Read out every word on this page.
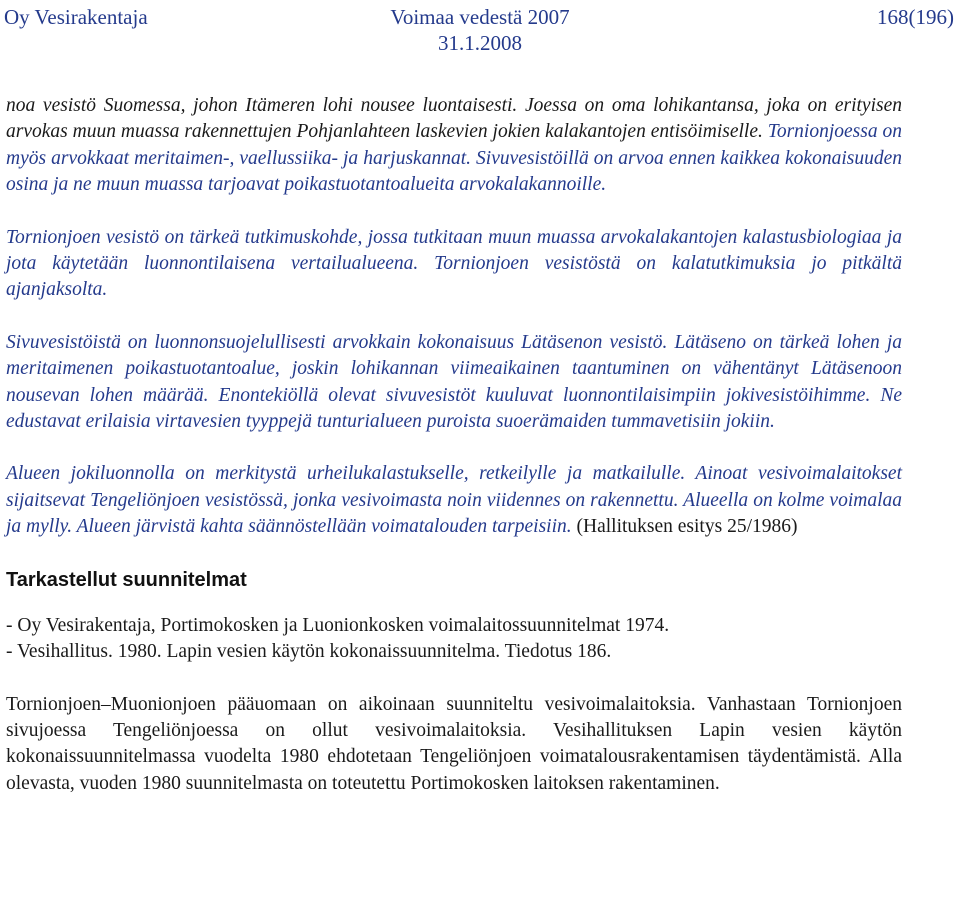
Oy Vesirakentaja	Voimaa vedestä 2007
31.1.2008
168(196)

noa vesistö Suomessa, johon Itämeren lohi nousee luontaisesti. Joessa on oma lohikantansa, joka on erityisen arvokas muun muassa rakennettujen Pohjanlahteen laskevien jokien kalakantojen entisöimiselle. Tornionjoessa on myös arvokkaat meritaimen-, vaellussiika- ja harjuskannat. Sivuvesistöillä on arvoa ennen kaikkea kokonaisuuden osina ja ne muun muassa tarjoavat poikastuotantoalueita arvokalakannoille.

Tornionjoen vesistö on tärkeä tutkimuskohde, jossa tutkitaan muun muassa arvokalakantojen kalastusbiologiaa ja jota käytetään luonnontilaisena vertailualueena. Tornionjoen vesistöstä on kalatutkimuksia jo pitkältä ajanjaksolta.

Sivuvesistöistä on luonnonsuojelullisesti arvokkain kokonaisuus Lätäsenon vesistö. Lätäseno on tärkeä lohen ja meritaimenen poikastuotantoalue, joskin lohikannan viimeaikainen taantuminen on vähentänyt Lätäsenoon nousevan lohen määrää. Enontekiöllä olevat sivuvesistöt kuuluvat luonnontilaisimpiin jokivesistöihimme. Ne edustavat erilaisia virtavesien tyyppejä tunturialueen puroista suoerämaiden tummavetisiin jokiin.

Alueen jokiluonnolla on merkitystä urheilukalastukselle, retkeilylle ja matkailulle. Ainoat vesivoimalaitokset sijaitsevat Tengeliönjoen vesistössä, jonka vesivoimasta noin viidennes on rakennettu. Alueella on kolme voimalaa ja mylly. Alueen järvistä kahta säännöstellään voimatalouden tarpeisiin. (Hallituksen esitys 25/1986)

Tarkastellut suunnitelmat
- Oy Vesirakentaja, Portimokosken ja Luonionkosken voimalaitossuunnitelmat 1974.
- Vesihallitus. 1980. Lapin vesien käytön kokonaissuunnitelma. Tiedotus 186.

Tornionjoen–Muonionjoen pääuomaan on aikoinaan suunniteltu vesivoimalaitoksia. Vanhastaan Tornionjoen sivujoessa Tengeliönjoessa on ollut vesivoimalaitoksia. Vesihallituksen Lapin vesien käytön kokonaissuunnitelmassa vuodelta 1980 ehdotetaan Tengeliönjoen voimatalousrakentamisen täydentämistä. Alla olevasta, vuoden 1980 suunnitelmasta on toteutettu Portimokosken laitoksen rakentaminen.
